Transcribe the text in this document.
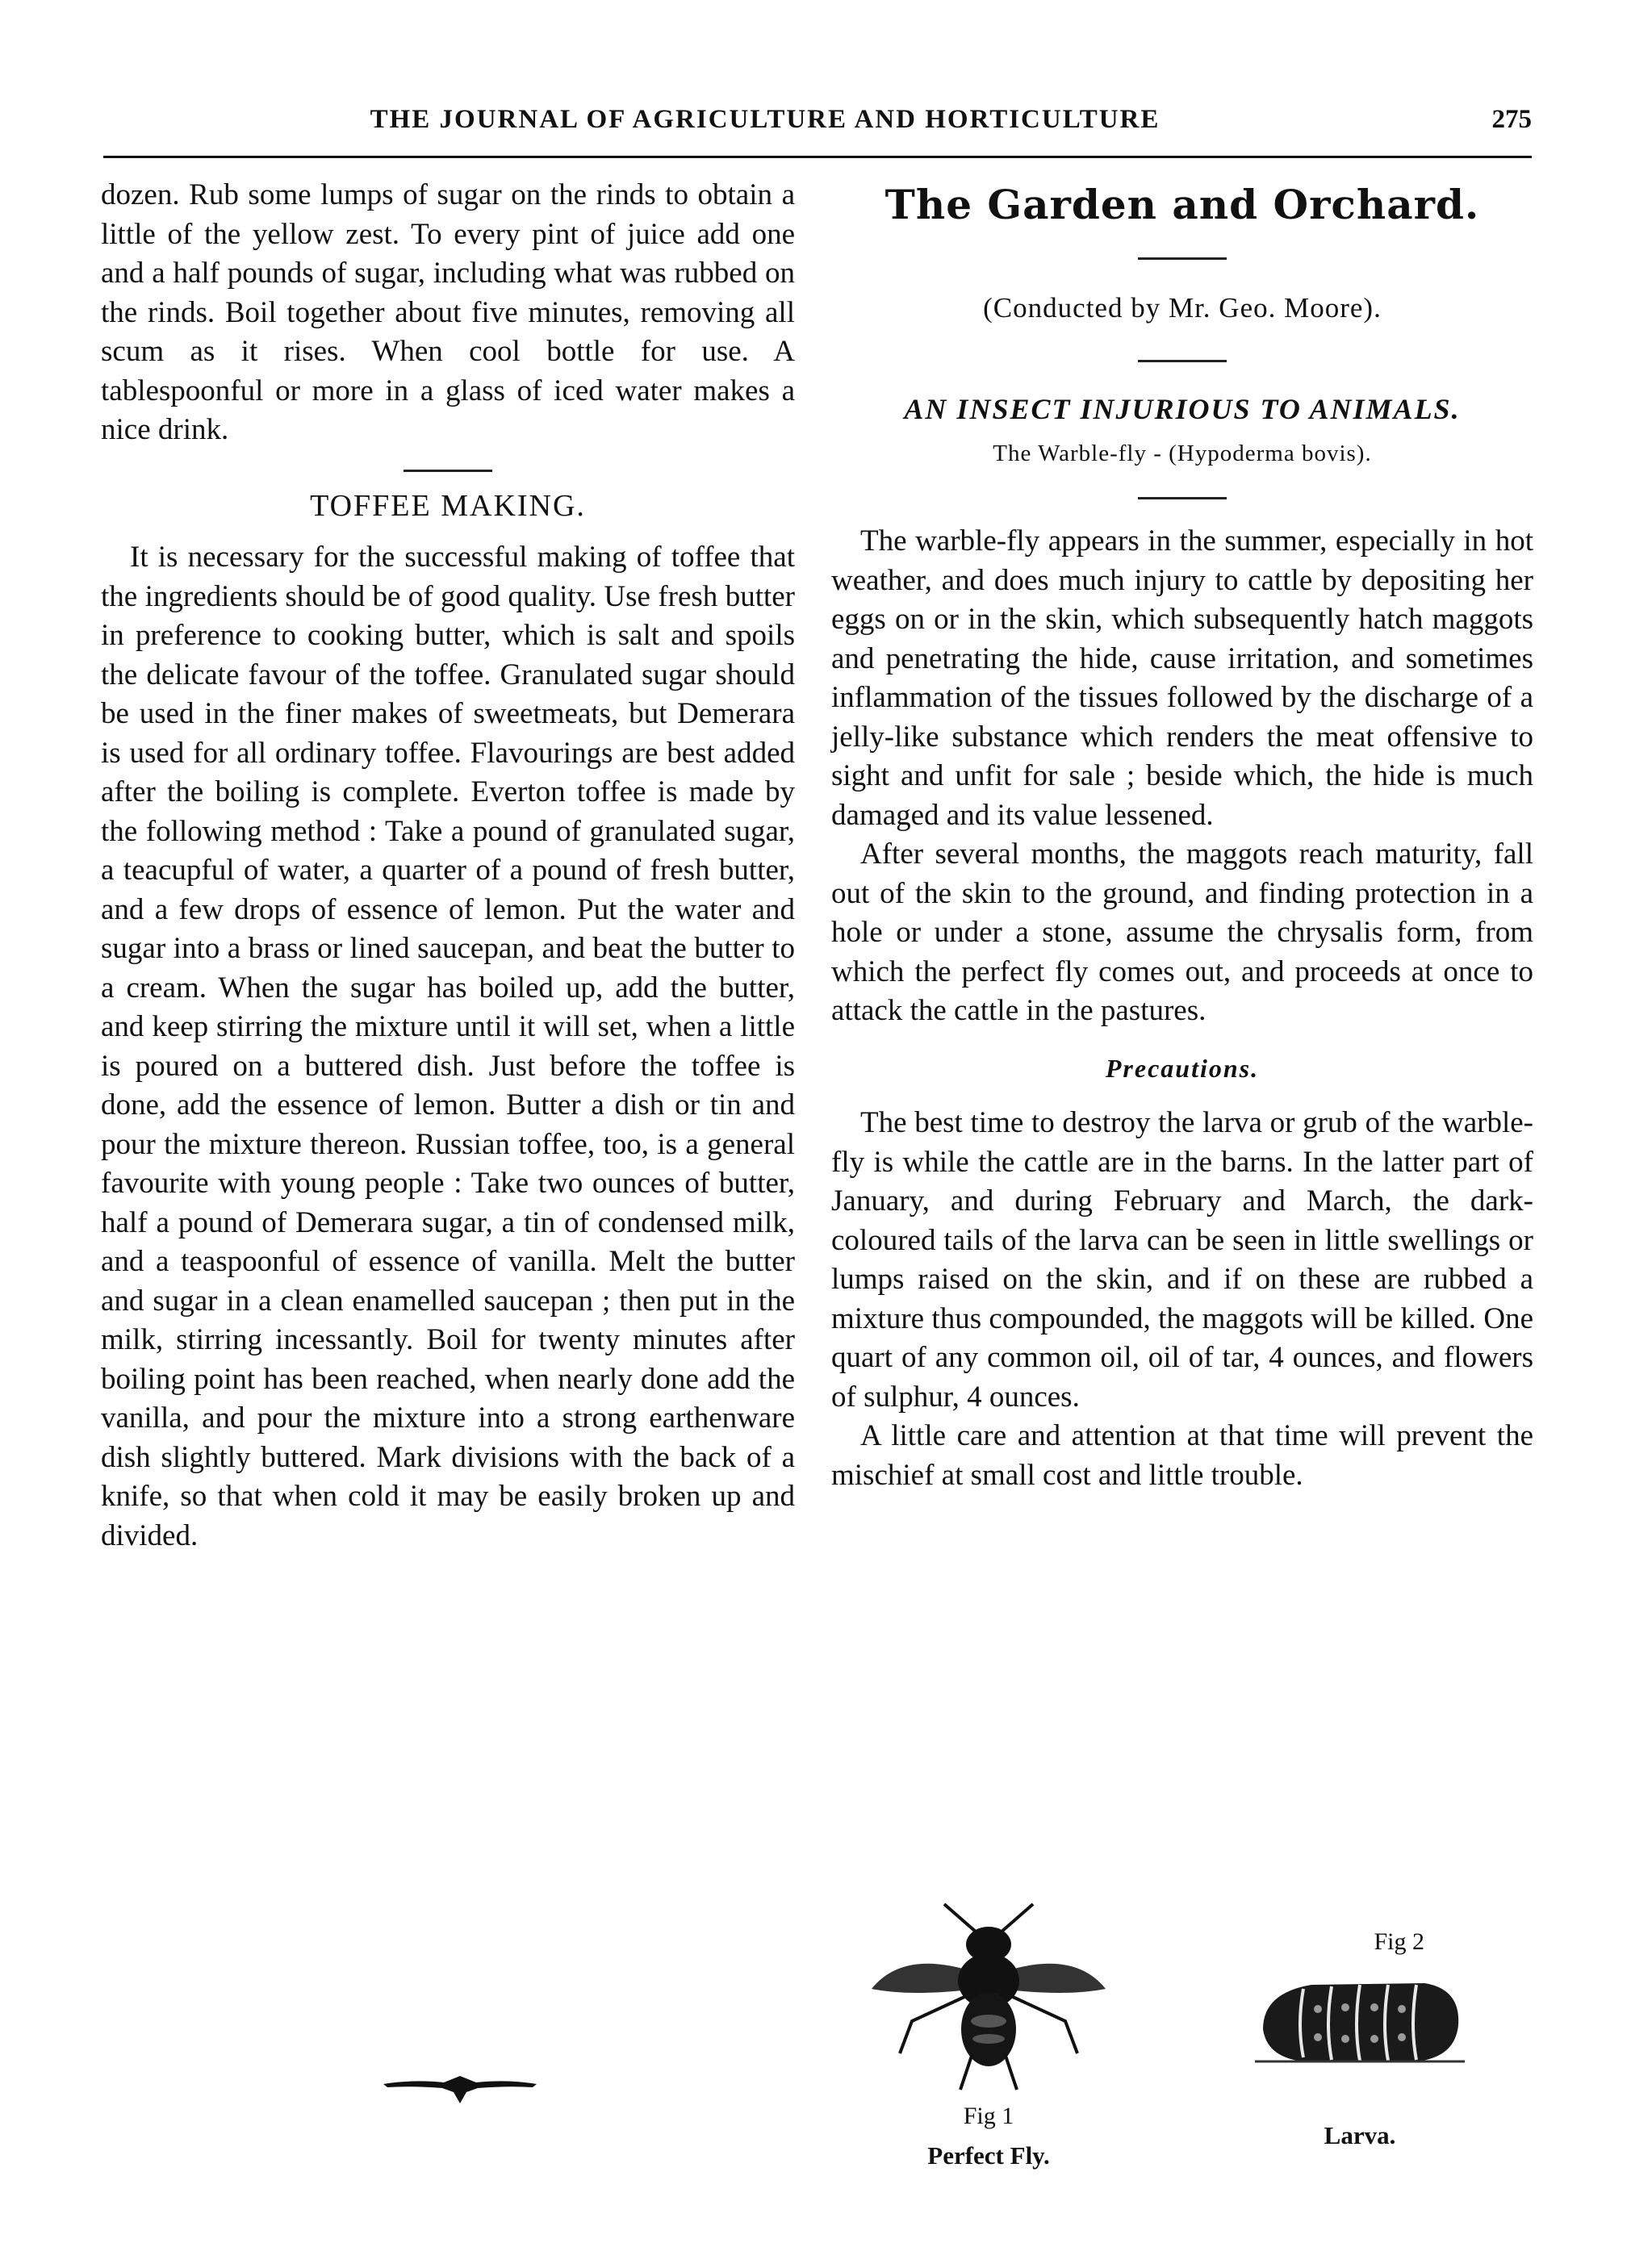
THE JOURNAL OF AGRICULTURE AND HORTICULTURE	275

dozen. Rub some lumps of sugar on the rinds to obtain a little of the yellow zest. To every pint of juice add one and a half pounds of sugar, including what was rubbed on the rinds. Boil together about five minutes, removing all scum as it rises. When cool bottle for use. A tablespoonful or more in a glass of iced water makes a nice drink.

TOFFEE MAKING.

It is necessary for the successful making of toffee that the ingredients should be of good quality. Use fresh butter in preference to cooking butter, which is salt and spoils the delicate favour of the toffee. Granulated sugar should be used in the finer makes of sweetmeats, but Demerara is used for all ordinary toffee. Flavourings are best added after the boiling is complete. Everton toffee is made by the following method : Take a pound of granulated sugar, a teacupful of water, a quarter of a pound of fresh butter, and a few drops of essence of lemon. Put the water and sugar into a brass or lined saucepan, and beat the butter to a cream. When the sugar has boiled up, add the butter, and keep stirring the mixture until it will set, when a little is poured on a buttered dish. Just before the toffee is done, add the essence of lemon. Butter a dish or tin and pour the mixture thereon. Russian toffee, too, is a general favourite with young people : Take two ounces of butter, half a pound of Demerara sugar, a tin of condensed milk, and a teaspoonful of essence of vanilla. Melt the butter and sugar in a clean enamelled saucepan ; then put in the milk, stirring incessantly. Boil for twenty minutes after boiling point has been reached, when nearly done add the vanilla, and pour the mixture into a strong earthenware dish slightly buttered. Mark divisions with the back of a knife, so that when cold it may be easily broken up and divided.

The Garden and Orchard.
(Conducted by Mr. Geo. Moore).
AN INSECT INJURIOUS TO ANIMALS.
The Warble-fly - (Hypoderma bovis).

The warble-fly appears in the summer, especially in hot weather, and does much injury to cattle by depositing her eggs on or in the skin, which subsequently hatch maggots and penetrating the hide, cause irritation, and sometimes inflammation of the tissues followed by the discharge of a jelly-like substance which renders the meat offensive to sight and unfit for sale ; beside which, the hide is much damaged and its value lessened.

After several months, the maggots reach maturity, fall out of the skin to the ground, and finding protection in a hole or under a stone, assume the chrysalis form, from which the perfect fly comes out, and proceeds at once to attack the cattle in the pastures.

Precautions.

The best time to destroy the larva or grub of the warble-fly is while the cattle are in the barns. In the latter part of January, and during February and March, the dark-coloured tails of the larva can be seen in little swellings or lumps raised on the skin, and if on these are rubbed a mixture thus compounded, the maggots will be killed. One quart of any common oil, oil of tar, 4 ounces, and flowers of sulphur, 4 ounces.

A little care and attention at that time will prevent the mischief at small cost and little trouble.

Fig 1
Perfect Fly.
Fig 2
Larva.
